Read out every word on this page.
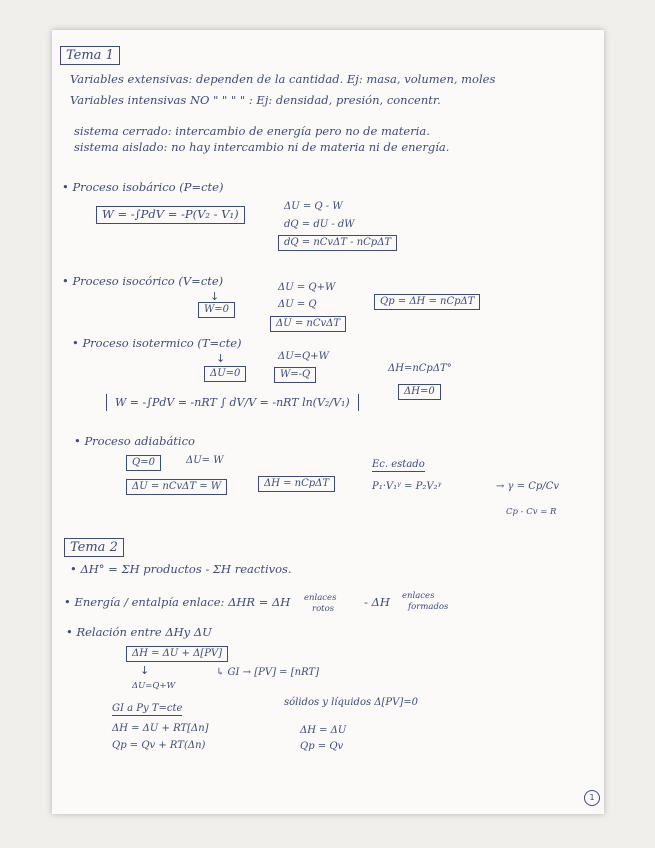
Tema 1
Variables extensivas: dependen de la cantidad. Ej: masa, volumen, moles
Variables intensivas NO " " " " : Ej: densidad, presión, concentr.
sistema cerrado: intercambio de energía pero no de materia.
sistema aislado: no hay intercambio ni de materia ni de energía.
• Proceso isobárico (P=cte)
W = -∫PdV = -P(V₂ - V₁)
ΔU = Q - W
dQ = dU - dW
dQ = nCvΔT - nCpΔT
• Proceso isocórico (V=cte)
↓
W=0
ΔU = Q+W
ΔU = Q
ΔU = nCvΔT
Qp = ΔH = nCpΔT
• Proceso isotermico (T=cte)
↓
ΔU=0
ΔU=Q+W
W=-Q
ΔH=nCpΔT°
ΔH=0
W = -∫PdV = -nRT ∫ dV/V = -nRT ln(V₂/V₁)
• Proceso adiabático
Q=0	ΔU= W
ΔU = nCvΔT = W	ΔH = nCpΔT
Ec. estado
P₁·V₁ᵞ = P₂V₂ᵞ	→ γ = Cp/Cv
Cp - Cv = R
Tema 2
• ΔH° = ΣH productos - ΣH reactivos.
• Energía / entalpía enlace: ΔHR = ΔH enlaces
rotos	- ΔH enlaces
formados
• Relación entre ΔHy ΔU
ΔH = ΔU + Δ[PV]
↓	↳ GI → [PV] = [nRT]
ΔU=Q+W
GI a Py T=cte
ΔH = ΔU + RT[Δn]
Qp = Qv + RT(Δn)
sólidos y líquidos Δ[PV]=0
ΔH = ΔU
Qp = Qv
1
